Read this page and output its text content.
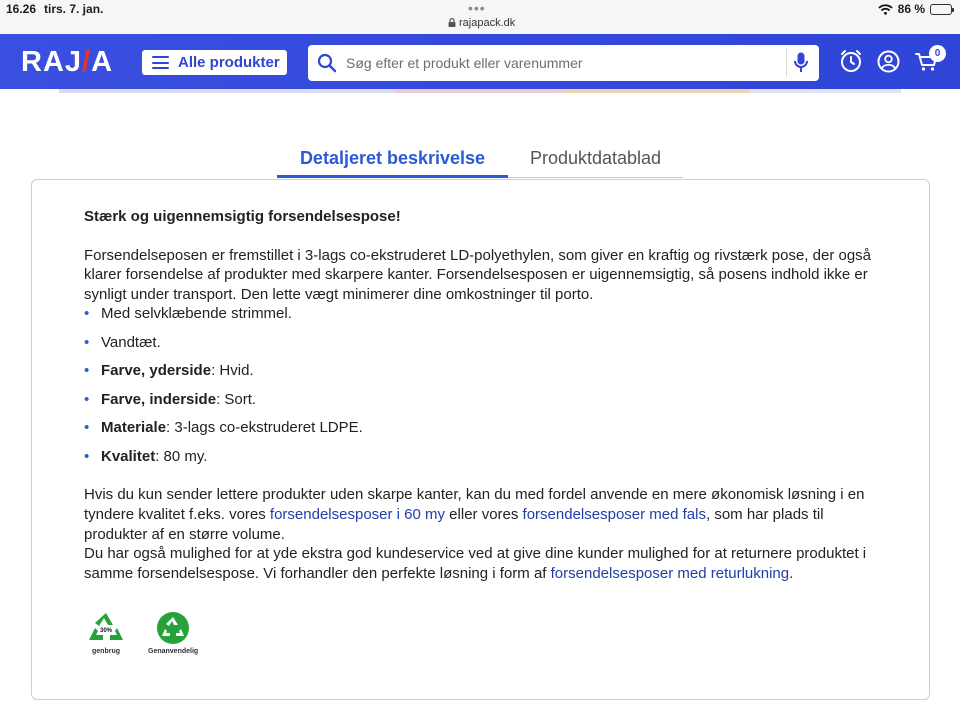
16.26 tirs. 7. jan.	•••
rajapack.dk
86 %
RAJ/A	Alle produkter
Søg efter et produkt eller varenummer
0
Detaljeret beskrivelse	Produktdatablad

Stærk og uigennemsigtig forsendelsespose!

Forsendelseposen er fremstillet i 3-lags co-ekstruderet LD-polyethylen, som giver en kraftig og rivstærk pose, der også klarer forsendelse af produkter med skarpere kanter. Forsendelsesposen er uigennemsigtig, så posens indhold ikke er synligt under transport. Den lette vægt minimerer dine omkostninger til porto.

• Med selvklæbende strimmel.
• Vandtæt.
• Farve, yderside: Hvid.
• Farve, inderside: Sort.
• Materiale: 3-lags co-ekstruderet LDPE.
• Kvalitet: 80 my.

Hvis du kun sender lettere produkter uden skarpe kanter, kan du med fordel anvende en mere økonomisk løsning i en tyndere kvalitet f.eks. vores forsendelsesposer i 60 my eller vores forsendelsesposer med fals, som har plads til produkter af en større volume.

Du har også mulighed for at yde ekstra god kundeservice ved at give dine kunder mulighed for at returnere produktet i samme forsendelsespose. Vi forhandler den perfekte løsning i form af forsendelsesposer med returlukning.

30%
genbrug	Genanvendelig
